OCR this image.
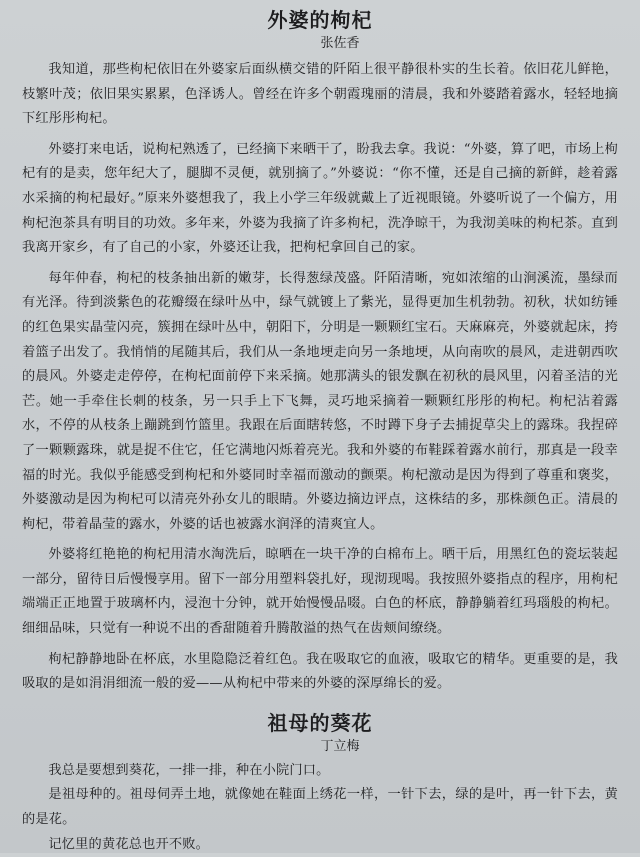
外婆的枸杞
张佐香

我知道，那些枸杞依旧在外婆家后面纵横交错的阡陌上很平静很朴实的生长着。依旧花儿鲜艳，枝繁叶茂；依旧果实累累，色泽诱人。曾经在许多个朝霞瑰丽的清晨，我和外婆踏着露水，轻轻地摘下红彤彤枸杞。

外婆打来电话，说枸杞熟透了，已经摘下来晒干了，盼我去拿。我说：“外婆，算了吧，市场上枸杞有的是卖，您年纪大了，腿脚不灵便，就别摘了。”外婆说：“你不懂，还是自己摘的新鲜，趁着露水采摘的枸杞最好。”原来外婆想我了，我上小学三年级就戴上了近视眼镜。外婆听说了一个偏方，用枸杞泡茶具有明目的功效。多年来，外婆为我摘了许多枸杞，洗净晾干，为我沏美味的枸杞茶。直到我离开家乡，有了自己的小家，外婆还让我，把枸杞拿回自己的家。

每年仲春，枸杞的枝条抽出新的嫩芽，长得葱绿茂盛。阡陌清晰，宛如浓缩的山涧溪流，墨绿而有光泽。待到淡紫色的花瓣缀在绿叶丛中，绿气就镀上了紫光，显得更加生机勃勃。初秋，状如纺锤的红色果实晶莹闪亮，簇拥在绿叶丛中，朝阳下，分明是一颗颗红宝石。天麻麻亮，外婆就起床，挎着篮子出发了。我悄悄的尾随其后，我们从一条地埂走向另一条地埂，从向南吹的晨风，走进朝西吹的晨风。外婆走走停停，在枸杞面前停下来采摘。她那满头的银发飘在初秋的晨风里，闪着圣洁的光芒。她一手牵住长刺的枝条，另一只手上下飞舞，灵巧地采摘着一颗颗红彤彤的枸杞。枸杞沾着露水，不停的从枝条上蹦跳到竹篮里。我跟在后面瞎转悠，不时蹲下身子去捕捉草尖上的露珠。我捏碎了一颗颗露珠，就是捉不住它，任它满地闪烁着亮光。我和外婆的布鞋踩着露水前行，那真是一段幸福的时光。我似乎能感受到枸杞和外婆同时幸福而激动的颤栗。枸杞激动是因为得到了尊重和褒奖，外婆激动是因为枸杞可以清亮外孙女儿的眼睛。外婆边摘边评点，这株结的多，那株颜色正。清晨的枸杞，带着晶莹的露水，外婆的话也被露水润泽的清爽宜人。

外婆将红艳艳的枸杞用清水淘洗后，晾晒在一块干净的白棉布上。晒干后，用黑红色的瓷坛装起一部分，留待日后慢慢享用。留下一部分用塑料袋扎好，现沏现喝。我按照外婆指点的程序，用枸杞端端正正地置于玻璃杯内，浸泡十分钟，就开始慢慢品啜。白色的杯底，静静躺着红玛瑙般的枸杞。细细品味，只觉有一种说不出的香甜随着升腾散溢的热气在齿颊间缭绕。

枸杞静静地卧在杯底，水里隐隐泛着红色。我在吸取它的血液，吸取它的精华。更重要的是，我吸取的是如涓涓细流一般的爱——从枸杞中带来的外婆的深厚绵长的爱。

祖母的葵花
丁立梅

我总是要想到葵花，一排一排，种在小院门口。

是祖母种的。祖母伺弄土地，就像她在鞋面上绣花一样，一针下去，绿的是叶，再一针下去，黄的是花。

记忆里的黄花总也开不败。
